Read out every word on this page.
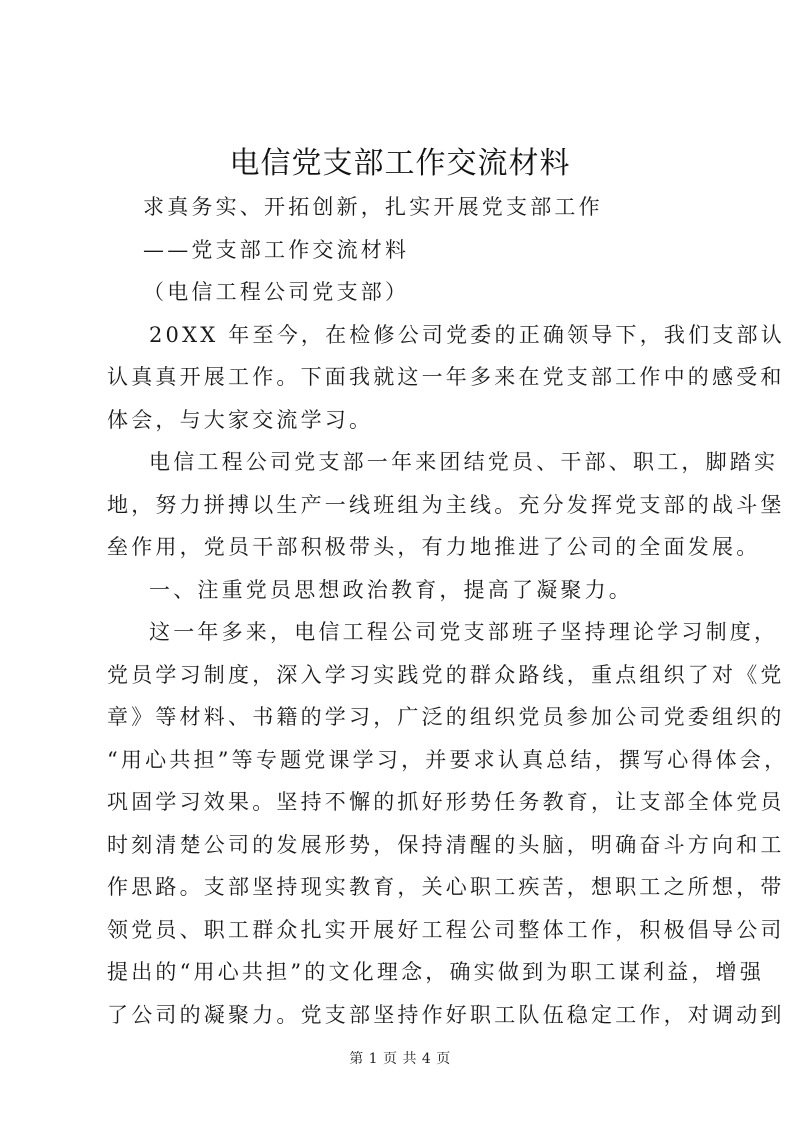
电信党支部工作交流材料
求真务实、开拓创新，扎实开展党支部工作
——党支部工作交流材料
（电信工程公司党支部）
20XX 年至今，在检修公司党委的正确领导下，我们支部认
认真真开展工作。下面我就这一年多来在党支部工作中的感受和
体会，与大家交流学习。
电信工程公司党支部一年来团结党员、干部、职工，脚踏实
地，努力拼搏以生产一线班组为主线。充分发挥党支部的战斗堡
垒作用，党员干部积极带头，有力地推进了公司的全面发展。
一、注重党员思想政治教育，提高了凝聚力。
这一年多来，电信工程公司党支部班子坚持理论学习制度，
党员学习制度，深入学习实践党的群众路线，重点组织了对《党
章》等材料、书籍的学习，广泛的组织党员参加公司党委组织的
“用心共担”等专题党课学习，并要求认真总结，撰写心得体会，
巩固学习效果。坚持不懈的抓好形势任务教育，让支部全体党员
时刻清楚公司的发展形势，保持清醒的头脑，明确奋斗方向和工
作思路。支部坚持现实教育，关心职工疾苦，想职工之所想，带
领党员、职工群众扎实开展好工程公司整体工作，积极倡导公司
提出的“用心共担”的文化理念，确实做到为职工谋利益，增强
了公司的凝聚力。党支部坚持作好职工队伍稳定工作，对调动到
第 1 页 共 4 页
